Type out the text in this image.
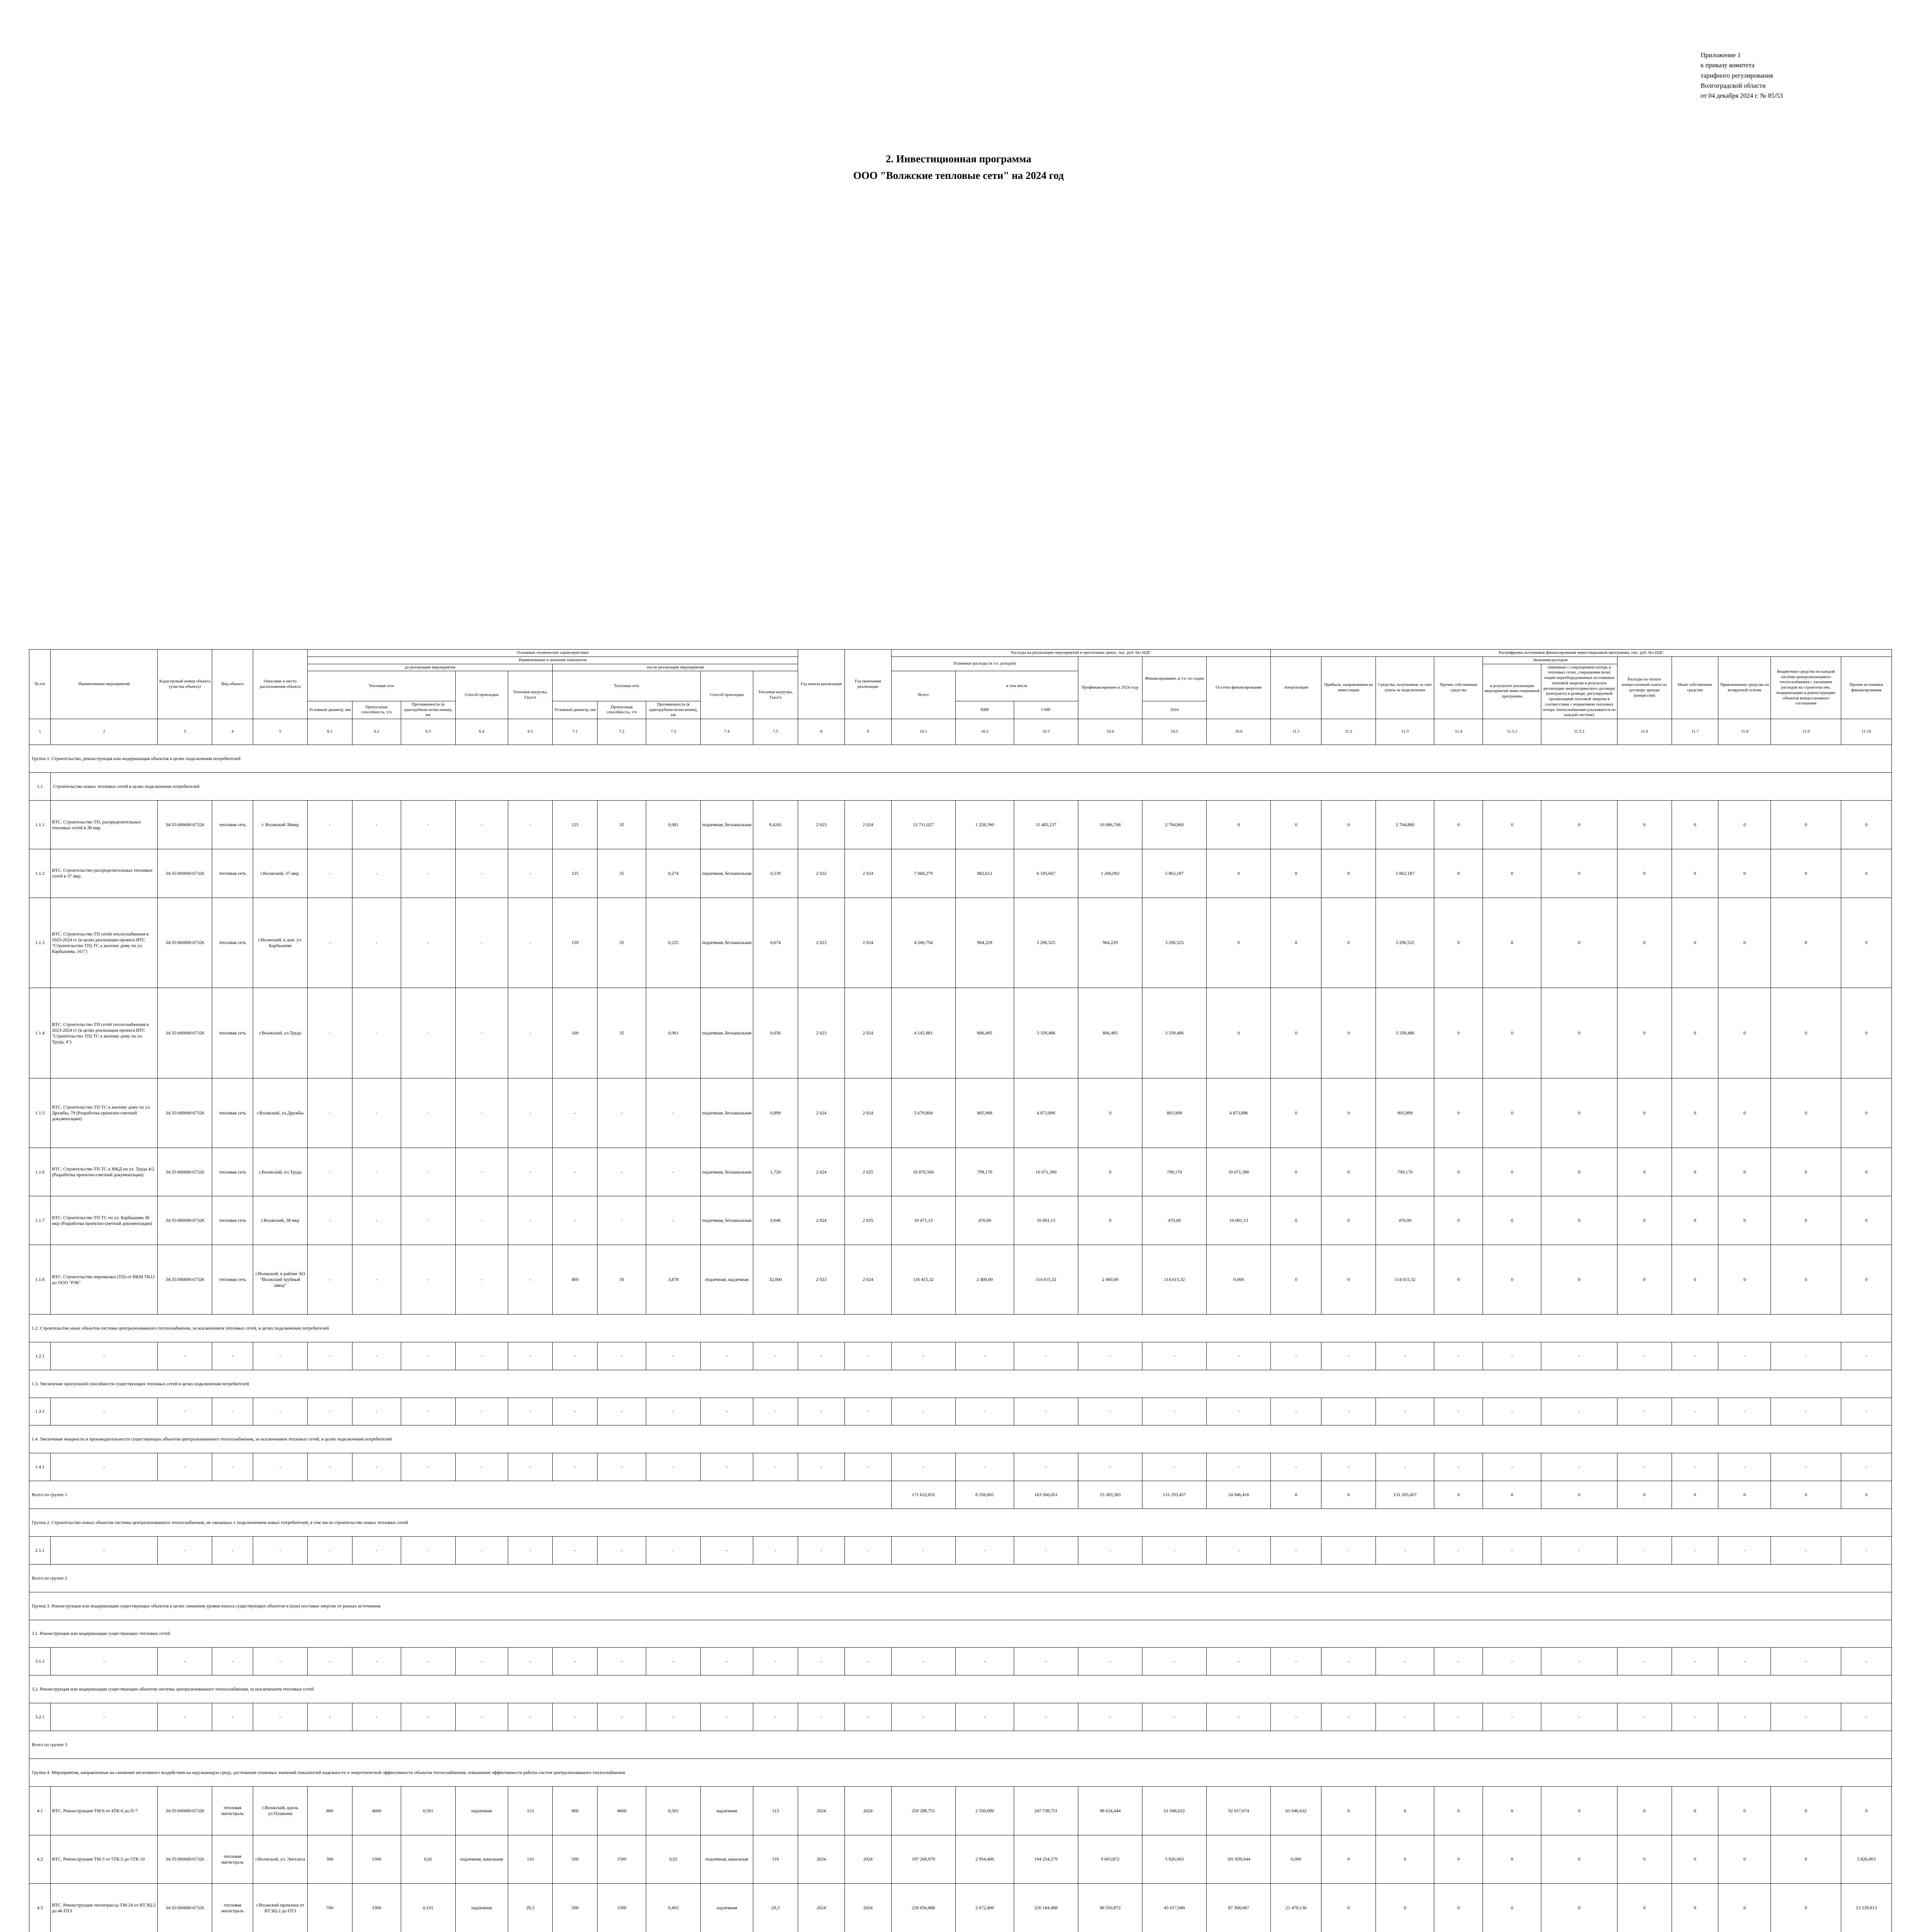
Приложение 1
к приказу комитета
тарифного регулирования
Волгоградской области
от 04 декабря 2024 г. № 85/53
2. Инвестиционная программа
ООО "Волжские тепловые сети" на 2024 год
№ п/п	Наименование мероприятий	Кадастровый номер объекта (участка объекта)	Вид объекта	Описание и место расположения объекта	Основные технические характеристики										Год начала реализации	Год окончания реализации	Расходы на реализацию мероприятий в прогнозных ценах, тыс. руб. без НДС						Расшифровка источников финансирования инвестиционной программы, тыс. руб. без НДС										
					Наименование и значение показателя												Плановые расходы (в т.ч. доходов)			Профинансировано к 2024 году	Финансирование, в т.ч. по годам	Остаток финансирования	Амортизация	Прибыль, направленная на инвестиции	Средства, полученные за счет платы за подключение	Прочие собственные средства	Экономия расходов		Расходы по оплате концессионной платы по договору аренды (концессии)	Иные собственные средства	Привлеченные средства на возвратной основе	Бюджетные средства по каждой системе централизованного теплоснабжения с указанием расходов на строительство, модернизацию и реконструкцию объектов концессионного соглашения	Прочие источники финансирования
					до реализации мероприятия					после реализации мероприятия																	в результате реализации мероприятий инвестиционной программы	связанные с сокращением потерь в тепловых сетях, сокращения (или) опций переоборудованных источников тепловой энергии в результате реализации энергосервисного договора (контракта) в размере, регулируемой организацией тепловой энергии в соответствии с нормативом тепловых потерь теплоснабжения (указывается по каждой системе)					
					Тепловая сеть			Способ прокладки	Тепловая нагрузка, Гкал/ч	Тепловая сеть			Способ прокладки	Тепловая нагрузка, Гкал/ч			Всего	в том числе															
					Условный диаметр, мм	Пропускная способность, т/ч	Протяженность (в однотрубном исчислении), км			Условный диаметр, мм	Пропускная способность, т/ч	Протяженность (в однотрубном исчислении), км						ПИР	СМР		2024												
1	2	3	4	5	6.1	6.2	6.3	6.4	6.5	7.1	7.2	7.3	7.4	7.5	8	9	10.1	10.2	10.3	10.4	10.5	10.6	11.1	11.2	11.3	11.4	11.5.1	11.5.2	11.6	11.7	11.8	11.9	11.10
Группа 1. Строительство, реконструкция или модернизация объектов в целях подключения потребителей:																																	
1.1	Строительство новых тепловых сетей в целях подключения потребителей																																
1.1.1	ВТС. Строительство ТП, распределительных тепловых сетей в 38 мкр	34:35:000000:67326	тепловая сеть	г. Волжский 38мкр	-	-	-	-	-	125	35	0,081	подземная, бесканальная	0,4241	2 023	2 024	12 711,027	1 228,390	11 483,237	10 006,768	2 704,860	0	0	0	2 704,860	0	0	0	0	0	0	0	0
1.1.2	ВТС. Строительство распределительных тепловых сетей в 37 мкр.	34:35:000000:67326	тепловая сеть	г.Волжский, 37 мкр.	-	-	-	-	-	125	35	0,274	подземная, бесканальная	0,539	2 022	2 024	7 068,279	882,612	6 185,667	1 206,092	5 862,187	0	0	0	5 862,187	0	0	0	0	0	0	0	0
1.1.3	ВТС. Строительство ТП сетей теплоснабжения в 2023-2024 гг (в целях реализации проекта ИТС "Строительство ТП) ТС к жилому дому по ул. Карбышева, 161")	34:35:000000:67326	тепловая сеть	г.Волжский, к дом. ул. Карбышева	-	-	-	-	-	159	35	0,225	подземная, бесканальная	0,674	2 023	2 024	4 260,754	964,229	3 296,525	964,229	3 296,525	0	0	0	3 296,525	0	0	0	0	0	0	0	0
1.1.4	ВТС. Строительство ТП сетей теплоснабжения в 2023-2024 гг (в целях реализации проекта ИТС "Строительство ТП) ТС к жилому дому по ул. Труда, 4")	34:35:000000:67326	тепловая сеть	г.Волжский, ул.Труда	-	-	-	-	-	100	35	0,061	подземная, бесканальная	0,656	2 023	2 024	4 145,981	806,495	3 339,486	806,495	3 339,486	0	0	0	3 339,486	0	0	0	0	0	0	0	0
1.1.5	ВТС. Строительство ТП ТС к жилому дому по ул. Дружбы, 79 (Разработка проектно-сметной документации)	34:35:000000:67326	тепловая сеть	г.Волжский, ул.Дружбы	-	-	-	-	-	-	-	-	подземная, бесканальная	0,899	2 024	2 024	5 679,804	805,909	4 873,896	0	805,909	4 873,896	0	0	805,909	0	0	0	0	0	0	0	0
1.1.6	ВТС. Строительство ТП ТС к МКД по ул. Труда 4/2 (Разработка проектно-сметной документации)	34:35:000000:67326	тепловая сеть	г.Волжский, пл.Труда	-	-	-	-	-	-	-	-	подземная, бесканальная	1,720	2 024	2 025	10 870,560	799,170	10 071,390	0	799,170	10 071,390	0	0	799,170	0	0	0	0	0	0	0	0
1.1.7	ВТС. Строительство ТП ТС по ул. Карбышева 38 мкр (Разработка проектно-сметной документации)	34:35:000000:67326	тепловая сеть	г.Волжский, 38 мкр	-	-	-	-	-	-	-	-	подземная, бесканальная	0,646	2 024	2 025	10 471,13	470,00	10 001,13	0	470,00	10 001,13	0	0	470,00	0	0	0	0	0	0	0	0
1.1.8	ВТС. Строительство перемычки (ТП) от ВКМ ТК12 до ООО "РЗК"	34:35:000000:67326	тепловая сеть	г.Волжский, в районе АО "Волжский трубный завод"	-	-	-	-	-	400	50	3,878	подземная, надземная	32,000	2 023	2 024	116 415,32	2 400,00	114 015,32	2 400,00	114 015,32	0,000	0	0	114 015,32	0	0	0	0	0	0	0	0
1.2. Строительство иных объектов системы централизованного теплоснабжения, за исключением тепловых сетей, в целях подключения потребителей																																	
1.2.1	-	-	-	-	-	-	-	-	-	-	-	-	-	-	-	-	-	-	-	-	-	-	-	-	-	-	-	-	-	-	-	-	-
1.3. Увеличение пропускной способности существующих тепловых сетей в целях подключения потребителей																																	
1.3.1	-	-	-	-	-	-	-	-	-	-	-	-	-	-	-	-	-	-	-	-	-	-	-	-	-	-	-	-	-	-	-	-	-
1.4. Увеличение мощности и производительности существующих объектов централизованного теплоснабжения, за исключением тепловых сетей, в целях подключения потребителей																																	
1.4.1	-	-	-	-	-	-	-	-	-	-	-	-	-	-	-	-	-	-	-	-	-	-	-	-	-	-	-	-	-	-	-	-	-
Всего по группе 1																	171 622,855	8 356,805	163 266,051	15 383,583	131 293,457	24 946,416	0	0	131 293,457	0	0	0	0	0	0	0	0
Группа 2. Строительство новых объектов системы централизованного теплоснабжения, не связанных с подключением новых потребителей, в том числе строительство новых тепловых сетей																																	
2.1.1	-	-	-	-	-	-	-	-	-	-	-	-	-	-	-	-	-	-	-	-	-	-	-	-	-	-	-	-	-	-	-	-	-
Всего по группе 2																																	
Группа 3. Реконструкция или модернизация существующих объектов в целях снижения уровня износа существующих объектов и (или) поставки энергии от разных источников																																	
3.1. Реконструкция или модернизация существующих тепловых сетей																																	
3.1.1	-	-	-	-	-	-	-	-	-	-	-	-	-	-	-	-	-	-	-	-	-	-	-	-	-	-	-	-	-	-	-	-	-
3.2. Реконструкция или модернизация существующих объектов системы централизованного теплоснабжения, за исключением тепловых сетей																																	
3.2.1	-	-	-	-	-	-	-	-	-	-	-	-	-	-	-	-	-	-	-	-	-	-	-	-	-	-	-	-	-	-	-	-	-
Всего по группе 3																																	
Группа 4. Мероприятия, направленные на снижение негативного воздействия на окружающую среду, достижение плановых значений показателей надежности и энергетической эффективности объектов теплоснабжения, повышение эффективности работы систем централизованного теплоснабжения																																	
4.1	ВТС. Реконструкция ТМ-6 от 4ТК-6 до П-7	34:35:000000:67326	тепловая магистраль	г.Волжский, вдоль ул.Пушкина	800	4600	0,501	надземная	113	800	4600	0,501	надземная	113	2024	2024	250 288,751	2 550,000	247 738,751	98 624,444	61 046,632	92 917,674	61 046,632	0	0	0	0	0	0	0	0	0	0
4.2	ВТС. Реконструкция ТМ-5 от 5ТК-5 до 5ТК-10	34:35:000000:67326	тепловая магистраль	г.Волжский, ул. Энгельса	500	1500	0,02	подземная, канальная	110	500	1500	0,02	подземная, канальная	110	2024	2024	197 208,979	2 954,400	194 254,579	9 603,872	5 826,063	181 839,044	0,000	0	0	0	0	0	0	0	0	0	5 826,063
4.3	ВТС. Реконструкция теплотрассы ТМ-24 от ВТЭЦ-2 до 46 ПТЗ	34:35:000000:67326	тепловая магистраль	г.Волжский промзона от ВТЭЦ-2 до ПТЗ	700	3300	0,101	надземная	29,3	500	1500	0,493	надземная	29,3	2024	2024	228 856,888	2 672,400	226 184,488	96 550,872	45 017,049	87 308,067	21 478,136	0	0	0	0	0	0	0	0	0	23 539,813
